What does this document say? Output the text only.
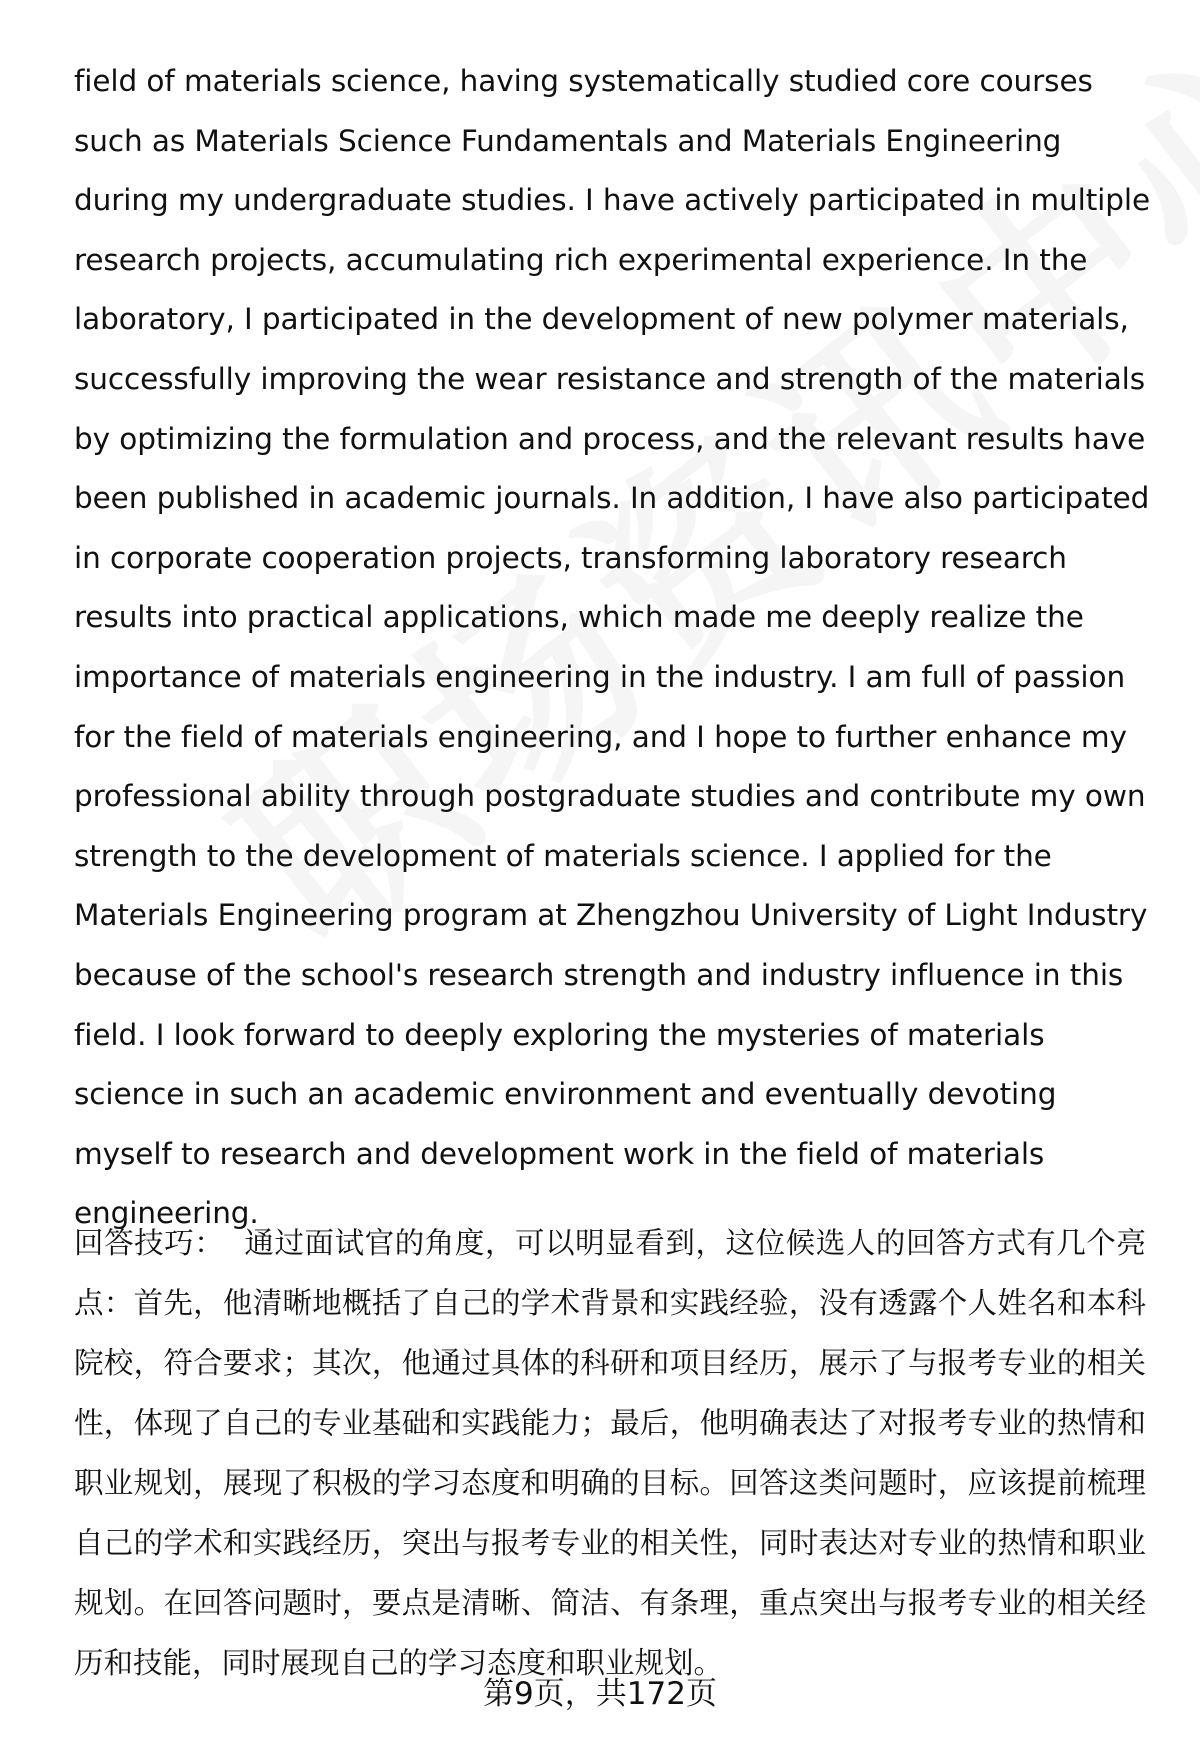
field of materials science, having systematically studied core courses such as Materials Science Fundamentals and Materials Engineering during my undergraduate studies. I have actively participated in multiple research projects, accumulating rich experimental experience. In the laboratory, I participated in the development of new polymer materials, successfully improving the wear resistance and strength of the materials by optimizing the formulation and process, and the relevant results have been published in academic journals. In addition, I have also participated in corporate cooperation projects, transforming laboratory research results into practical applications, which made me deeply realize the importance of materials engineering in the industry. I am full of passion for the field of materials engineering, and I hope to further enhance my professional ability through postgraduate studies and contribute my own strength to the development of materials science. I applied for the Materials Engineering program at Zhengzhou University of Light Industry because of the school's research strength and industry influence in this field. I look forward to deeply exploring the mysteries of materials science in such an academic environment and eventually devoting myself to research and development work in the field of materials engineering.

回答技巧： 通过面试官的角度，可以明显看到，这位候选人的回答方式有几个亮点：首先，他清晰地概括了自己的学术背景和实践经验，没有透露个人姓名和本科院校，符合要求；其次，他通过具体的科研和项目经历，展示了与报考专业的相关性，体现了自己的专业基础和实践能力；最后，他明确表达了对报考专业的热情和职业规划，展现了积极的学习态度和明确的目标。回答这类问题时，应该提前梳理自己的学术和实践经历，突出与报考专业的相关性，同时表达对专业的热情和职业规划。在回答问题时，要点是清晰、简洁、有条理，重点突出与报考专业的相关经历和技能，同时展现自己的学习态度和职业规划。

第9页，共172页
